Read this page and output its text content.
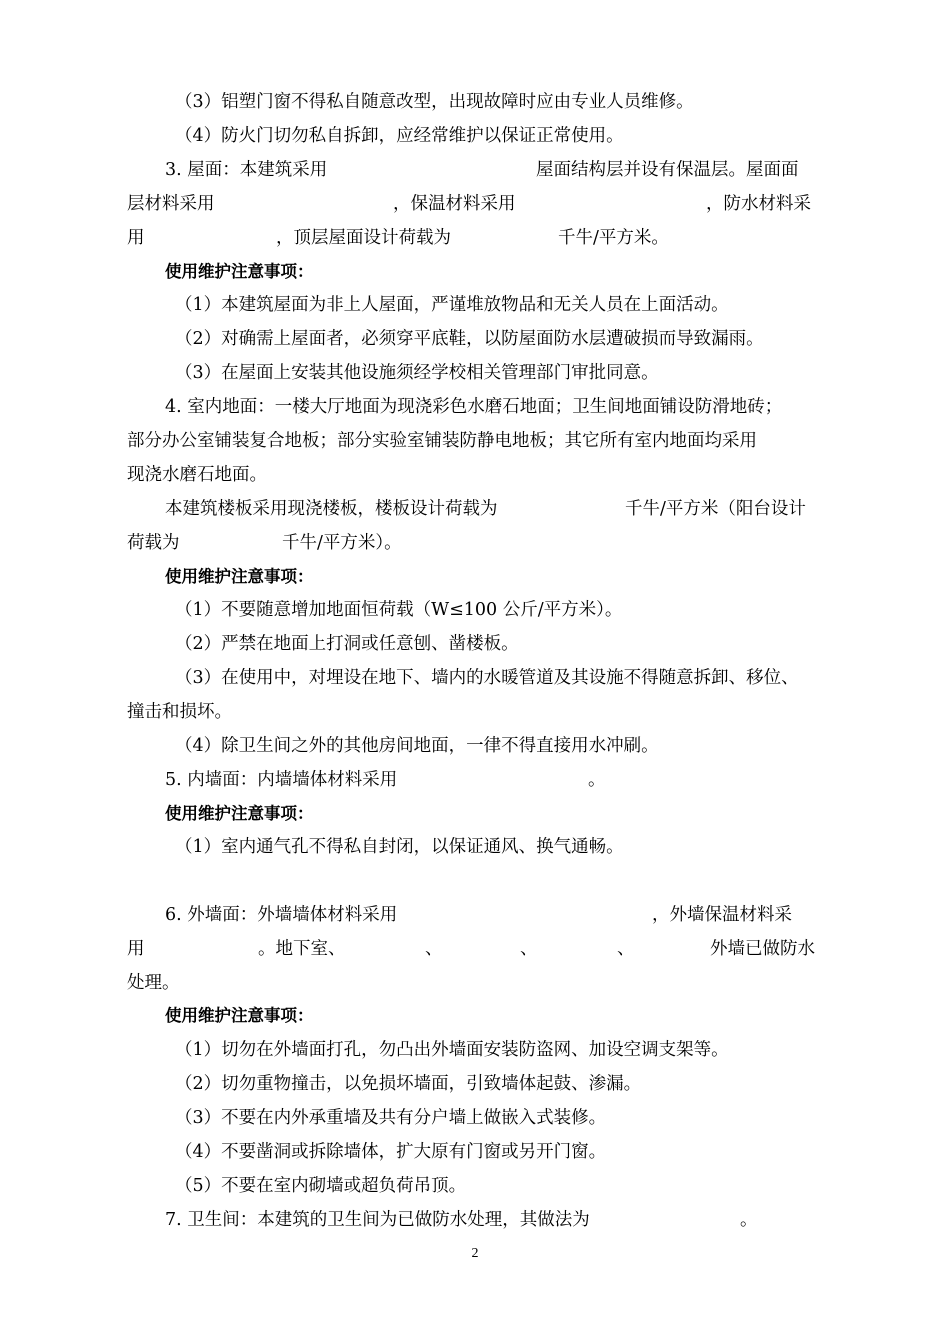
（3）铝塑门窗不得私自随意改型，出现故障时应由专业人员维修。
（4）防火门切勿私自拆卸，应经常维护以保证正常使用。
3. 屋面：本建筑采用	屋面结构层并设有保温层。屋面面
层材料采用	，保温材料采用	，防水材料采
用	，顶层屋面设计荷载为	千牛/平方米。
使用维护注意事项：
（1）本建筑屋面为非上人屋面，严谨堆放物品和无关人员在上面活动。
（2）对确需上屋面者，必须穿平底鞋，以防屋面防水层遭破损而导致漏雨。
（3）在屋面上安装其他设施须经学校相关管理部门审批同意。
4. 室内地面：一楼大厅地面为现浇彩色水磨石地面；卫生间地面铺设防滑地砖；
部分办公室铺装复合地板；部分实验室铺装防静电地板；其它所有室内地面均采用
现浇水磨石地面。
本建筑楼板采用现浇楼板，楼板设计荷载为	千牛/平方米（阳台设计
荷载为	千牛/平方米）。
使用维护注意事项：
（1）不要随意增加地面恒荷载（W≤100 公斤/平方米）。
（2）严禁在地面上打洞或任意刨、凿楼板。
（3）在使用中，对埋设在地下、墙内的水暖管道及其设施不得随意拆卸、移位、
撞击和损坏。
（4）除卫生间之外的其他房间地面，一律不得直接用水冲刷。
5. 内墙面：内墙墙体材料采用	。
使用维护注意事项：
（1）室内通气孔不得私自封闭，以保证通风、换气通畅。
6. 外墙面：外墙墙体材料采用	，外墙保温材料采
用	。地下室、	、	、	、	外墙已做防水
处理。
使用维护注意事项：
（1）切勿在外墙面打孔，勿凸出外墙面安装防盗网、加设空调支架等。
（2）切勿重物撞击，以免损坏墙面，引致墙体起鼓、渗漏。
（3）不要在内外承重墙及共有分户墙上做嵌入式装修。
（4）不要凿洞或拆除墙体，扩大原有门窗或另开门窗。
（5）不要在室内砌墙或超负荷吊顶。
7. 卫生间：本建筑的卫生间为已做防水处理，其做法为	。
2
